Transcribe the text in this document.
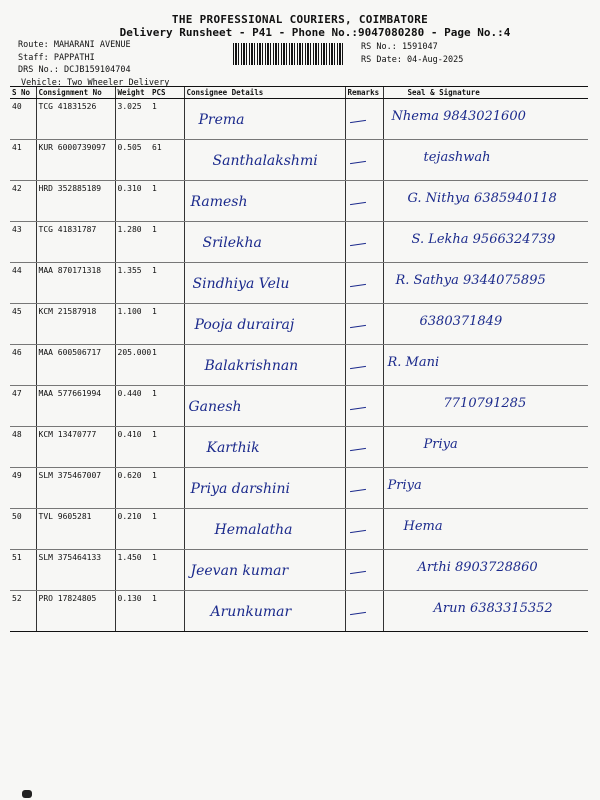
THE PROFESSIONAL COURIERS, COIMBATORE
Delivery Runsheet - P41 - Phone No.:9047080280 - Page No.:4
Route: MAHARANI AVENUE
Staff: PAPPATHI
DRS No.: DCJB159104704
Vehicle: Two Wheeler Delivery
RS No.: 1591047
RS Date: 04-Aug-2025
S No	Consignment No	Weight	PCS	Consignee Details	Remarks	Seal & Signature
40	TCG 41831526	3.025	1	Prema		Nhema 9843021600

41	KUR 6000739097	0.505	61	Santhalakshmi		tejashwah

42	HRD 352885189	0.310	1	Ramesh		G. Nithya 6385940118

43	TCG 41831787	1.280	1	Srilekha		S. Lekha 9566324739

44	MAA 870171318	1.355	1	Sindhiya Velu		R. Sathya 9344075895

45	KCM 21587918	1.100	1	Pooja durairaj		6380371849

46	MAA 600506717	205.000	1	Balakrishnan		R. Mani

47	MAA 577661994	0.440	1	Ganesh		7710791285

48	KCM 13470777	0.410	1	Karthik		Priya

49	SLM 375467007	0.620	1	Priya darshini		Priya

50	TVL 9605281	0.210	1	Hemalatha		Hema

51	SLM 375464133	1.450	1	Jeevan kumar		Arthi 8903728860

52	PRO 17824805	0.130	1	Arunkumar		Arun 6383315352
